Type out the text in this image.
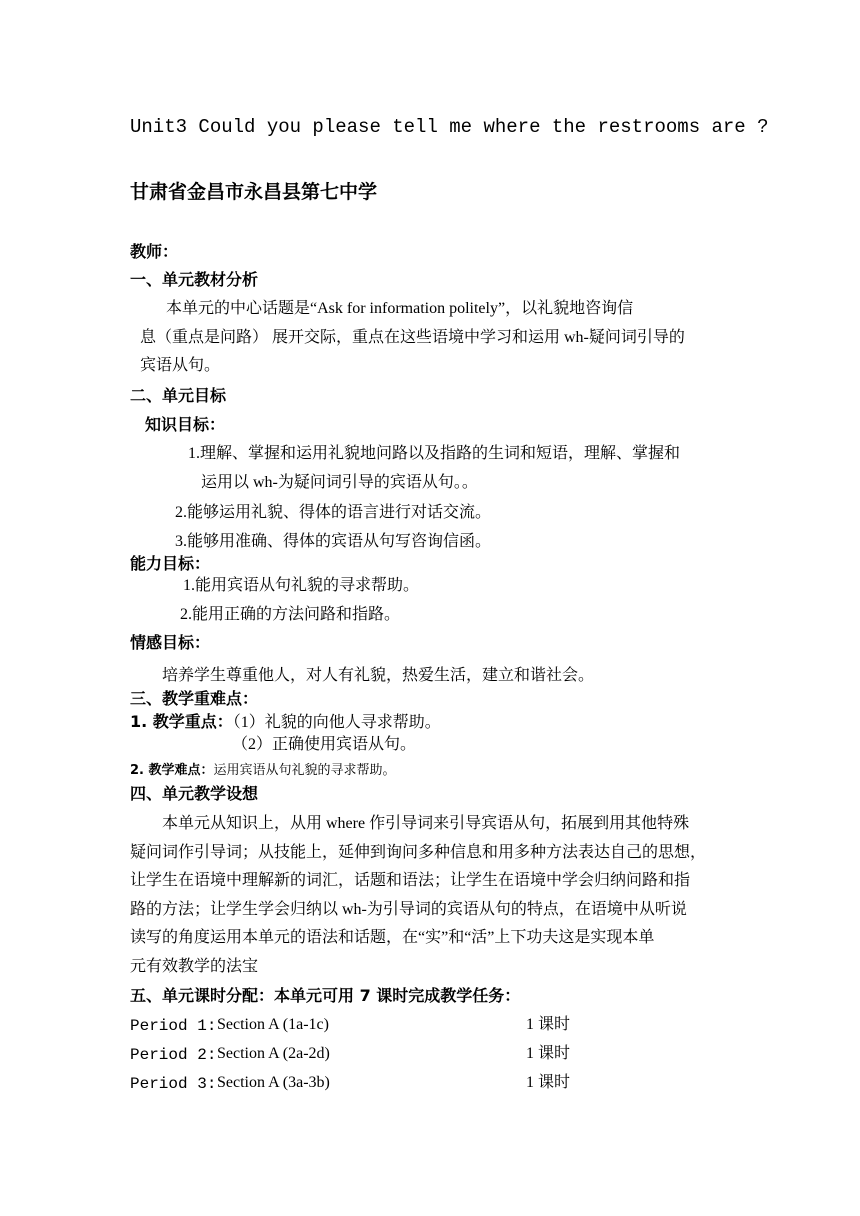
Unit3 Could you please tell me where the restrooms are ?
甘肃省金昌市永昌县第七中学
教师：
一、单元教材分析
本单元的中心话题是“Ask for information politely”，以礼貌地咨询信
息（重点是问路） 展开交际，重点在这些语境中学习和运用 wh-疑问词引导的
宾语从句。
二、单元目标
知识目标：
1.理解、掌握和运用礼貌地问路以及指路的生词和短语，理解、掌握和
运用以 wh-为疑问词引导的宾语从句。。
2.能够运用礼貌、得体的语言进行对话交流。
3.能够用准确、得体的宾语从句写咨询信函。
能力目标：
1.能用宾语从句礼貌的寻求帮助。
2.能用正确的方法问路和指路。
情感目标：
培养学生尊重他人，对人有礼貌，热爱生活，建立和谐社会。
三、教学重难点：
1. 教学重点：（1）礼貌的向他人寻求帮助。
（2）正确使用宾语从句。
2. 教学难点：运用宾语从句礼貌的寻求帮助。
四、单元教学设想
本单元从知识上，从用 where 作引导词来引导宾语从句，拓展到用其他特殊
疑问词作引导词；从技能上，延伸到询问多种信息和用多种方法表达自己的思想，
让学生在语境中理解新的词汇，话题和语法；让学生在语境中学会归纳问路和指
路的方法；让学生学会归纳以 wh-为引导词的宾语从句的特点，在语境中从听说
读写的角度运用本单元的语法和话题，在“实”和“活”上下功夫这是实现本单
元有效教学的法宝
五、单元课时分配：本单元可用 7 课时完成教学任务：
Period 1: Section A (1a-1c)	1 课时
Period 2: Section A (2a-2d)	1 课时
Period 3: Section A (3a-3b)	1 课时
